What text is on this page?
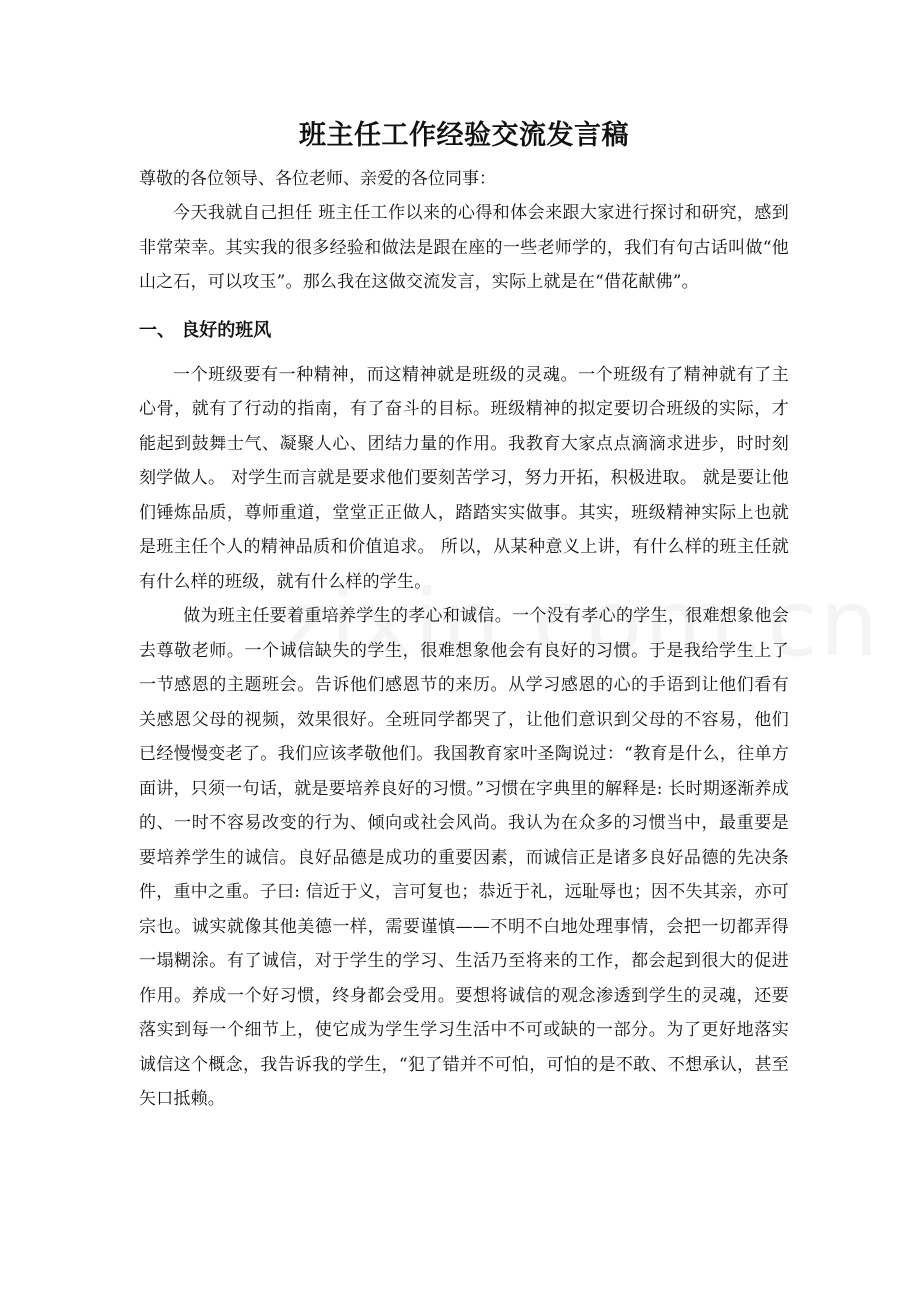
班主任工作经验交流发言稿

尊敬的各位领导、各位老师、亲爱的各位同事：

今天我就自己担任 班主任工作以来的心得和体会来跟大家进行探讨和研究，感到非常荣幸。其实我的很多经验和做法是跟在座的一些老师学的，我们有句古话叫做“他山之石，可以攻玉”。那么我在这做交流发言，实际上就是在“借花献佛”。

一、 良好的班风

一个班级要有一种精神，而这精神就是班级的灵魂。一个班级有了精神就有了主心骨，就有了行动的指南，有了奋斗的目标。班级精神的拟定要切合班级的实际，才能起到鼓舞士气、凝聚人心、团结力量的作用。我教育大家点点滴滴求进步，时时刻刻学做人。 对学生而言就是要求他们要刻苦学习，努力开拓，积极进取。 就是要让他们锤炼品质，尊师重道，堂堂正正做人，踏踏实实做事。其实，班级精神实际上也就是班主任个人的精神品质和价值追求。 所以，从某种意义上讲，有什么样的班主任就有什么样的班级，就有什么样的学生。

做为班主任要着重培养学生的孝心和诚信。一个没有孝心的学生，很难想象他会去尊敬老师。一个诚信缺失的学生，很难想象他会有良好的习惯。于是我给学生上了一节感恩的主题班会。告诉他们感恩节的来历。从学习感恩的心的手语到让他们看有关感恩父母的视频，效果很好。全班同学都哭了，让他们意识到父母的不容易，他们已经慢慢变老了。我们应该孝敬他们。我国教育家叶圣陶说过：“教育是什么，往单方面讲，只须一句话，就是要培养良好的习惯。”习惯在字典里的解释是: 长时期逐渐养成的、一时不容易改变的行为、倾向或社会风尚。我认为在众多的习惯当中，最重要是要培养学生的诚信。良好品德是成功的重要因素，而诚信正是诸多良好品德的先决条件，重中之重。子曰: 信近于义，言可复也；恭近于礼，远耻辱也；因不失其亲，亦可宗也。诚实就像其他美德一样，需要谨慎——不明不白地处理事情，会把一切都弄得一塌糊涂。有了诚信，对于学生的学习、生活乃至将来的工作，都会起到很大的促进作用。养成一个好习惯，终身都会受用。要想将诚信的观念渗透到学生的灵魂，还要落实到每一个细节上，使它成为学生学习生活中不可或缺的一部分。为了更好地落实诚信这个概念，我告诉我的学生，“犯了错并不可怕，可怕的是不敢、不想承认，甚至矢口抵赖。
